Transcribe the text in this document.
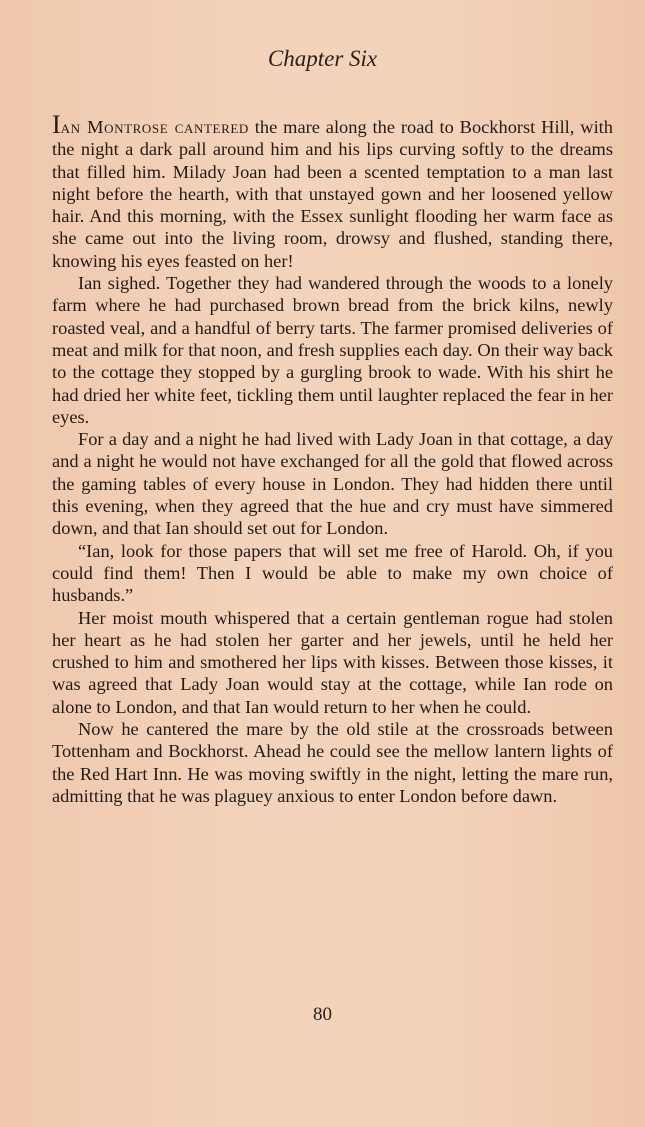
Chapter Six

Ian Montrose cantered the mare along the road to Bockhorst Hill, with the night a dark pall around him and his lips curving softly to the dreams that filled him. Milady Joan had been a scented temptation to a man last night before the hearth, with that unstayed gown and her loosened yellow hair. And this morning, with the Essex sunlight flooding her warm face as she came out into the living room, drowsy and flushed, standing there, knowing his eyes feasted on her!

Ian sighed. Together they had wandered through the woods to a lonely farm where he had purchased brown bread from the brick kilns, newly roasted veal, and a handful of berry tarts. The farmer promised deliveries of meat and milk for that noon, and fresh supplies each day. On their way back to the cottage they stopped by a gurgling brook to wade. With his shirt he had dried her white feet, tickling them until laughter replaced the fear in her eyes.

For a day and a night he had lived with Lady Joan in that cottage, a day and a night he would not have exchanged for all the gold that flowed across the gaming tables of every house in London. They had hidden there until this evening, when they agreed that the hue and cry must have simmered down, and that Ian should set out for London.

“Ian, look for those papers that will set me free of Harold. Oh, if you could find them! Then I would be able to make my own choice of husbands.”

Her moist mouth whispered that a certain gentleman rogue had stolen her heart as he had stolen her garter and her jewels, until he held her crushed to him and smothered her lips with kisses. Between those kisses, it was agreed that Lady Joan would stay at the cottage, while Ian rode on alone to London, and that Ian would return to her when he could.

Now he cantered the mare by the old stile at the crossroads between Tottenham and Bockhorst. Ahead he could see the mellow lantern lights of the Red Hart Inn. He was moving swiftly in the night, letting the mare run, admitting that he was plaguey anxious to enter London before dawn.

80
